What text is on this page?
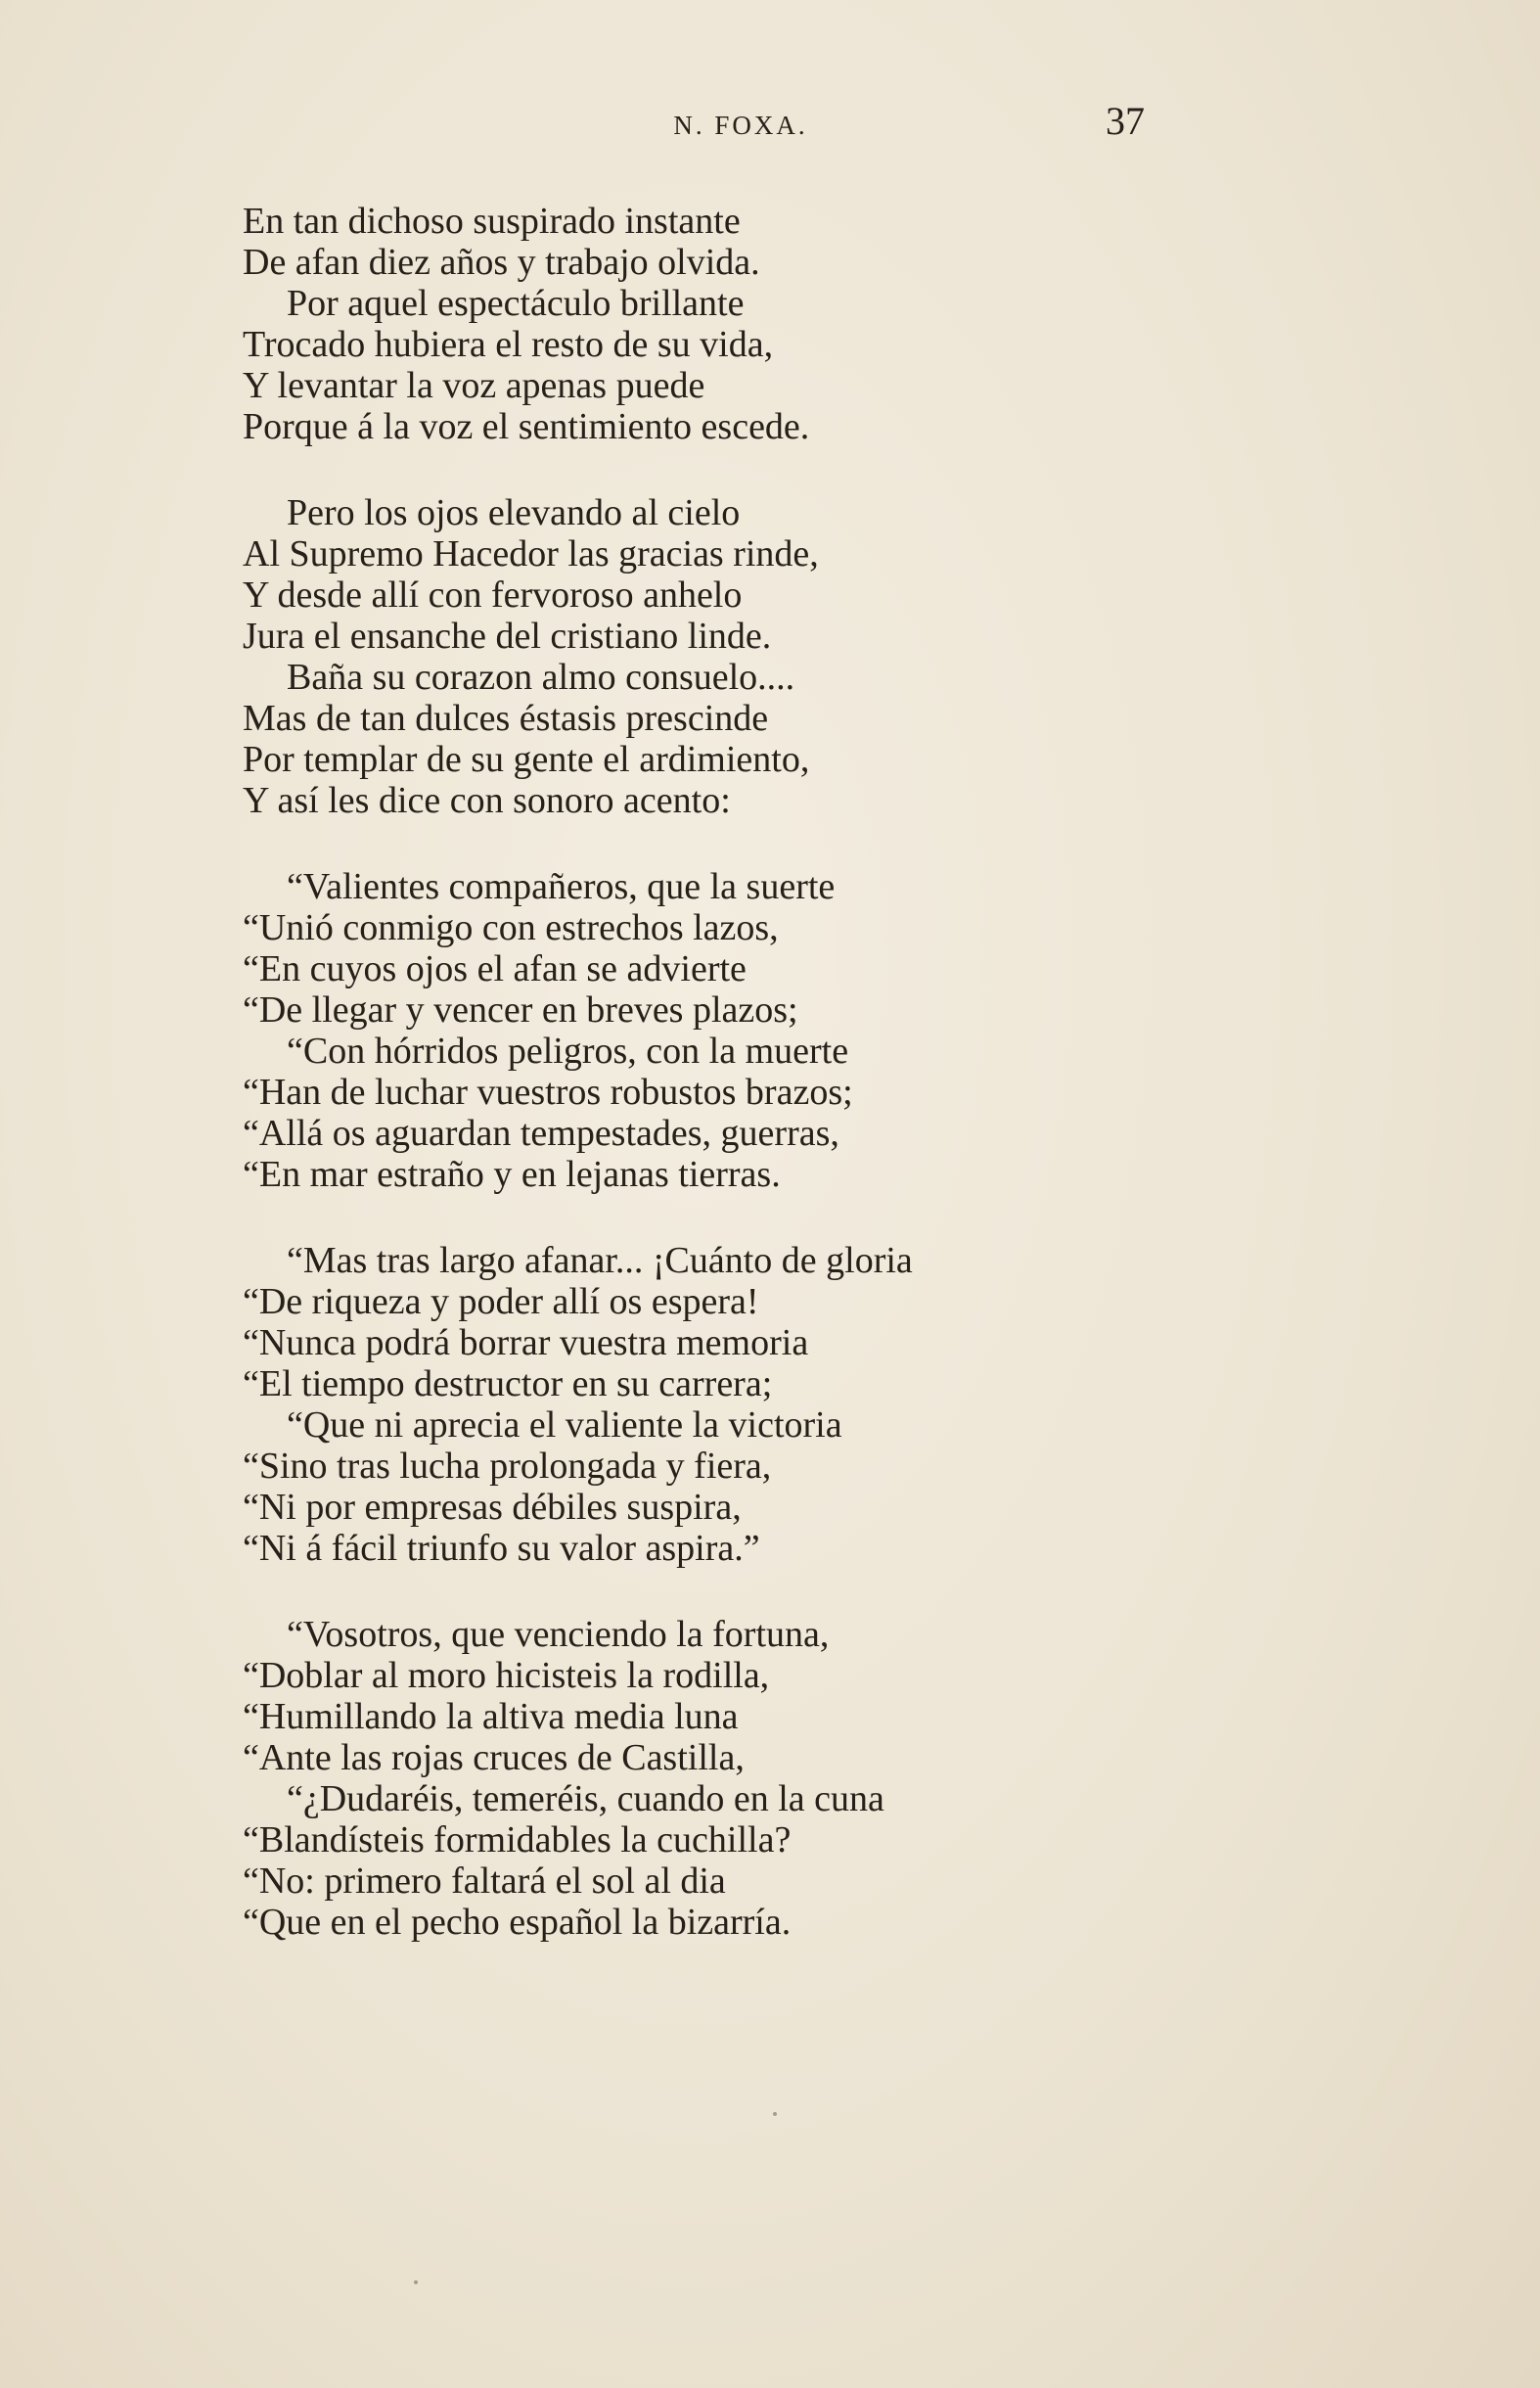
N. FOXA.	37
En tan dichoso suspirado instante
De afan diez años y trabajo olvida.
Por aquel espectáculo brillante
Trocado hubiera el resto de su vida,
Y levantar la voz apenas puede
Porque á la voz el sentimiento escede.
Pero los ojos elevando al cielo
Al Supremo Hacedor las gracias rinde,
Y desde allí con fervoroso anhelo
Jura el ensanche del cristiano linde.
Baña su corazon almo consuelo....
Mas de tan dulces éstasis prescinde
Por templar de su gente el ardimiento,
Y así les dice con sonoro acento:
“Valientes compañeros, que la suerte
“Unió conmigo con estrechos lazos,
“En cuyos ojos el afan se advierte
“De llegar y vencer en breves plazos;
“Con hórridos peligros, con la muerte
“Han de luchar vuestros robustos brazos;
“Allá os aguardan tempestades, guerras,
“En mar estraño y en lejanas tierras.
“Mas tras largo afanar... ¡Cuánto de gloria
“De riqueza y poder allí os espera!
“Nunca podrá borrar vuestra memoria
“El tiempo destructor en su carrera;
“Que ni aprecia el valiente la victoria
“Sino tras lucha prolongada y fiera,
“Ni por empresas débiles suspira,
“Ni á fácil triunfo su valor aspira.”
“Vosotros, que venciendo la fortuna,
“Doblar al moro hicisteis la rodilla,
“Humillando la altiva media luna
“Ante las rojas cruces de Castilla,
“¿Dudaréis, temeréis, cuando en la cuna
“Blandísteis formidables la cuchilla?
“No: primero faltará el sol al dia
“Que en el pecho español la bizarría.
